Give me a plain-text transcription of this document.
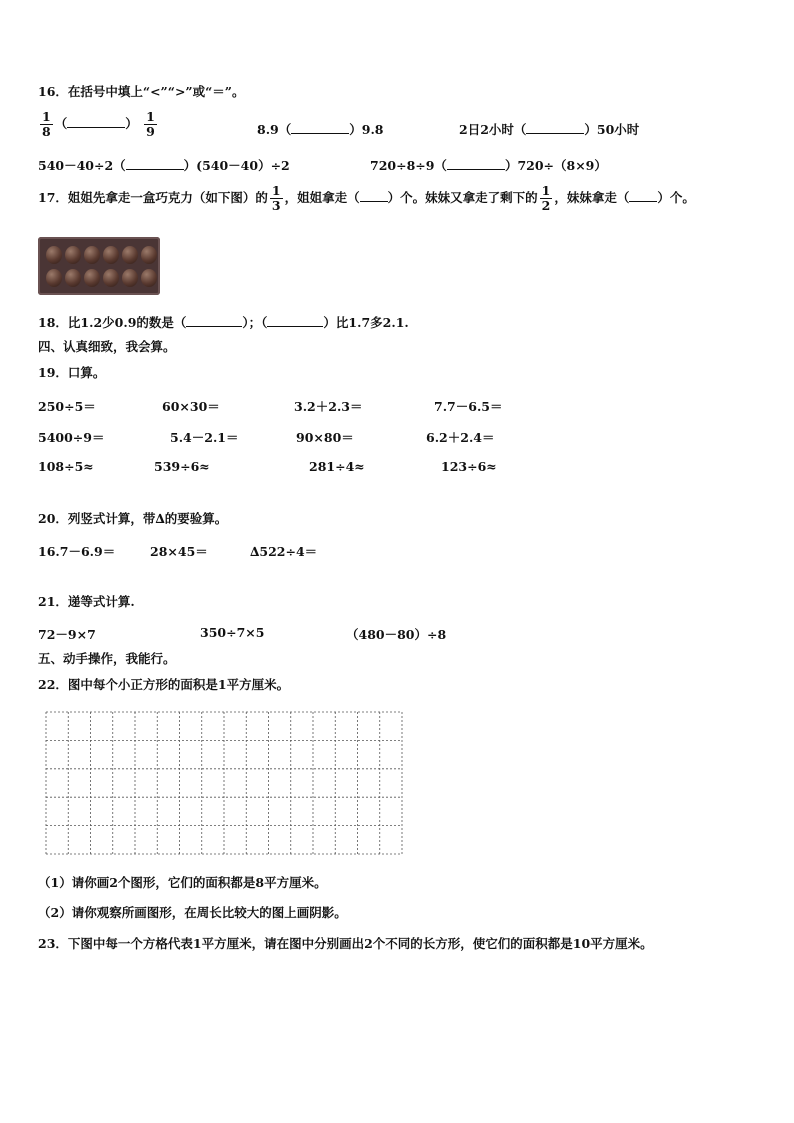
16．在括号中填上“<”“>”或“＝”。
$\frac{1}{8}$ （	） $\frac{1}{9}$	8.9（	）9.8	2日2小时（	）50小时
540－40÷2（	）(540－40）÷2	720÷8÷9（	）720÷（8×9）
17．姐姐先拿走一盒巧克力（如下图）的 $\frac{1}{3}$ ，姐姐拿走（ ）个。妹妹又拿走了剩下的 $\frac{1}{2}$ ，妹妹拿走（ ）个。
18．比1.2少0.9的数是（	）；（	）比1.7多2.1.
四、认真细致，我会算。
19．口算。
250÷5＝	60×30＝	3.2＋2.3＝	7.7－6.5＝
5400÷9＝	5.4－2.1＝	90×80＝	6.2＋2.4＝
108÷5≈	539÷6≈	281÷4≈	123÷6≈
20．列竖式计算，带∆的要验算。
16.7－6.9＝	28×45＝	∆522÷4＝
21．递等式计算.
72－9×7	350÷7×5	（480－80）÷8
五、动手操作，我能行。
22．图中每个小正方形的面积是1平方厘米。
（1）请你画2个图形，它们的面积都是8平方厘米。
（2）请你观察所画图形，在周长比较大的图上画阴影。
23．下图中每一个方格代表1平方厘米，请在图中分别画出2个不同的长方形，使它们的面积都是10平方厘米。
